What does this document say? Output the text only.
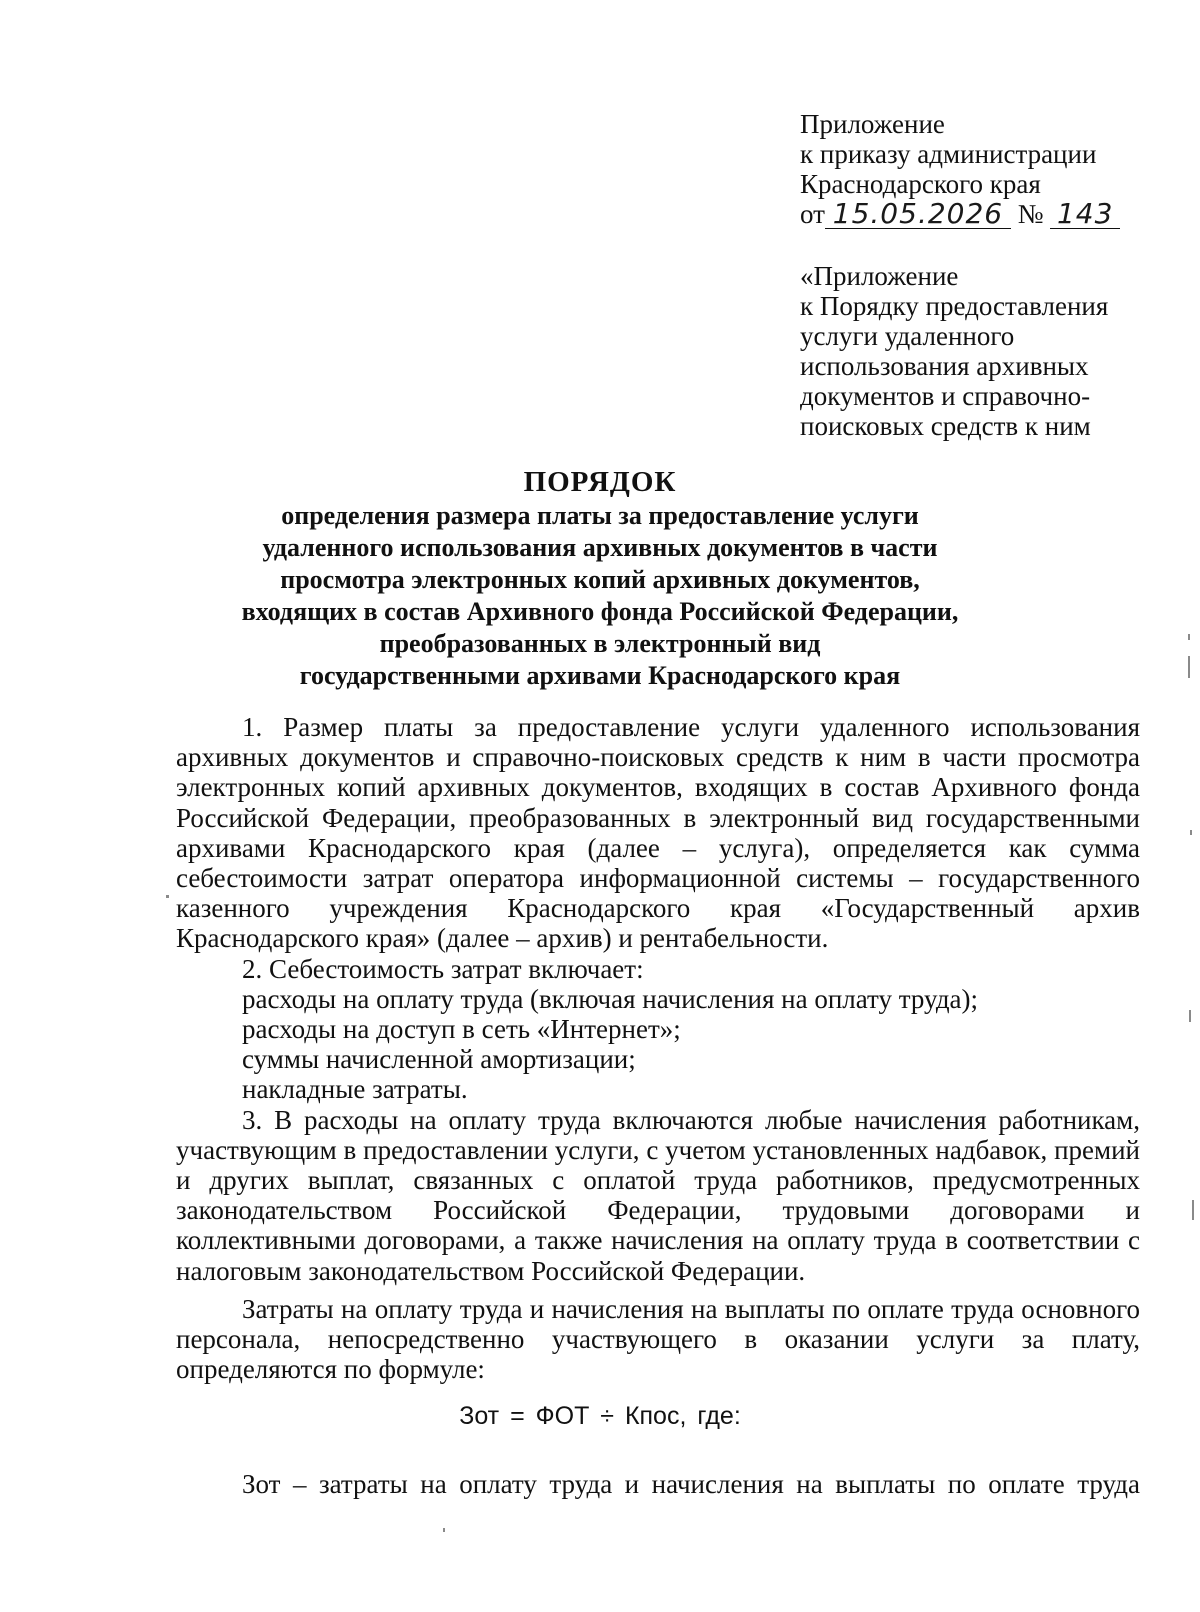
Приложение
к приказу администрации
Краснодарского края
от 15.05.2026 № 143
«Приложение
к Порядку предоставления
услуги удаленного
использования архивных
документов и справочно-
поисковых средств к ним
ПОРЯДОК
определения размера платы за предоставление услуги
удаленного использования архивных документов в части
просмотра электронных копий архивных документов,
входящих в состав Архивного фонда Российской Федерации,
преобразованных в электронный вид
государственными архивами Краснодарского края

1. Размер платы за предоставление услуги удаленного использования архивных документов и справочно-поисковых средств к ним в части просмотра электронных копий архивных документов, входящих в состав Архивного фонда Российской Федерации, преобразованных в электронный вид государственными архивами Краснодарского края (далее – услуга), определяется как сумма себестоимости затрат оператора информационной системы – государственного казенного учреждения Краснодарского края «Государственный архив Краснодарского края» (далее – архив) и рентабельности.

2. Себестоимость затрат включает:

расходы на оплату труда (включая начисления на оплату труда);

расходы на доступ в сеть «Интернет»;

суммы начисленной амортизации;

накладные затраты.

3. В расходы на оплату труда включаются любые начисления работникам, участвующим в предоставлении услуги, с учетом установленных надбавок, премий и других выплат, связанных с оплатой труда работников, предусмотренных законодательством Российской Федерации, трудовыми договорами и коллективными договорами, а также начисления на оплату труда в соответствии с налоговым законодательством Российской Федерации.

Затраты на оплату труда и начисления на выплаты по оплате труда основного персонала, непосредственно участвующего в оказании услуги за плату, определяются по формуле:

Зот = ФОТ ÷ Кпос, где:

Зот – затраты на оплату труда и начисления на выплаты по оплате труда
